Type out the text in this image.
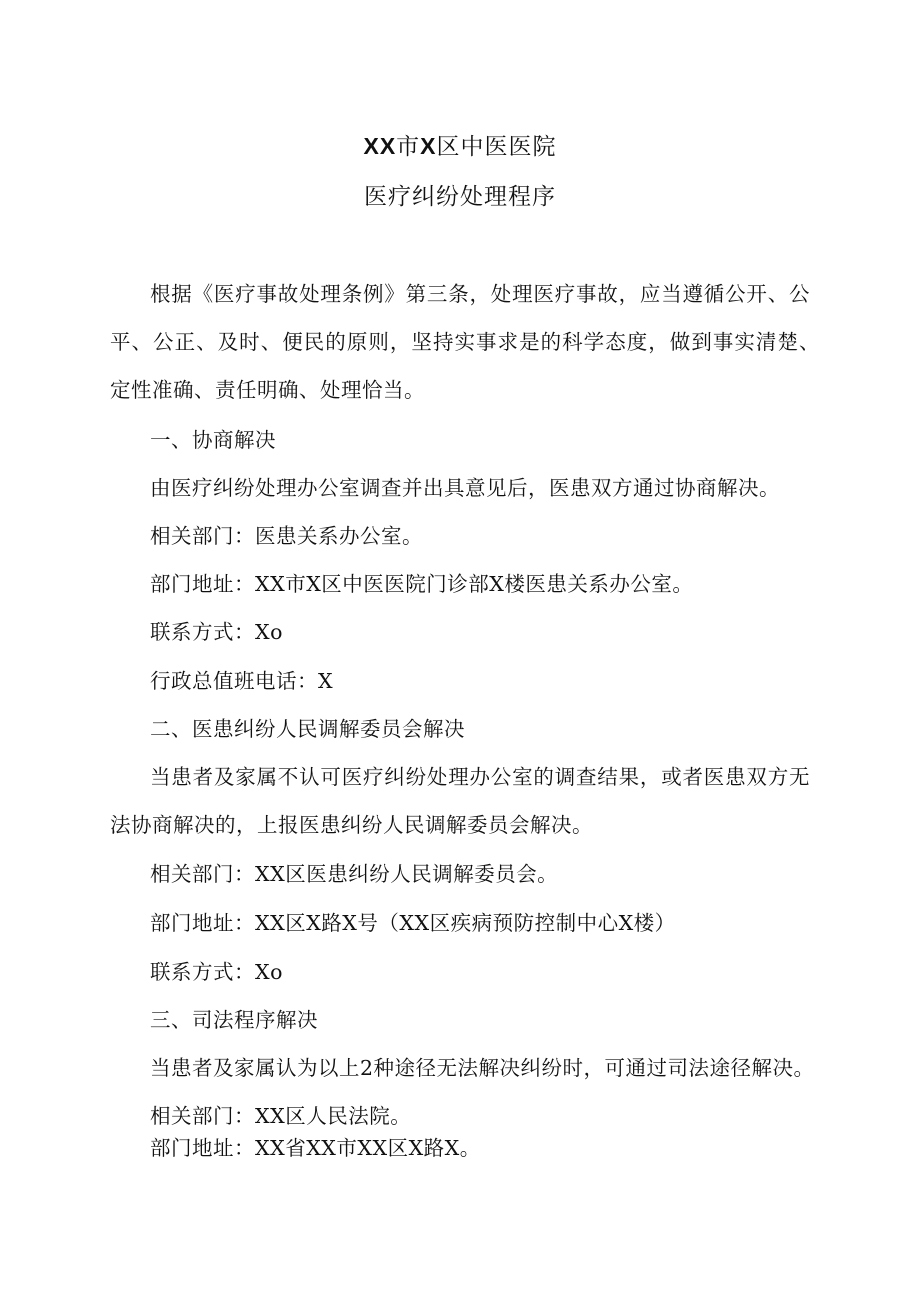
XX市X区中医医院
医疗纠纷处理程序
根据《医疗事故处理条例》第三条，处理医疗事故，应当遵循公开、公
平、公正、及时、便民的原则，坚持实事求是的科学态度，做到事实清楚、
定性准确、责任明确、处理恰当。
一、协商解决
由医疗纠纷处理办公室调查并出具意见后，医患双方通过协商解决。
相关部门：医患关系办公室。
部门地址：XX市X区中医医院门诊部X楼医患关系办公室。
联系方式：Xo
行政总值班电话：X
二、医患纠纷人民调解委员会解决
当患者及家属不认可医疗纠纷处理办公室的调查结果，或者医患双方无
法协商解决的，上报医患纠纷人民调解委员会解决。
相关部门：XX区医患纠纷人民调解委员会。
部门地址：XX区X路X号（XX区疾病预防控制中心X楼）
联系方式：Xo
三、司法程序解决
当患者及家属认为以上2种途径无法解决纠纷时，可通过司法途径解决。
相关部门：XX区人民法院。
部门地址：XX省XX市XX区X路X。
